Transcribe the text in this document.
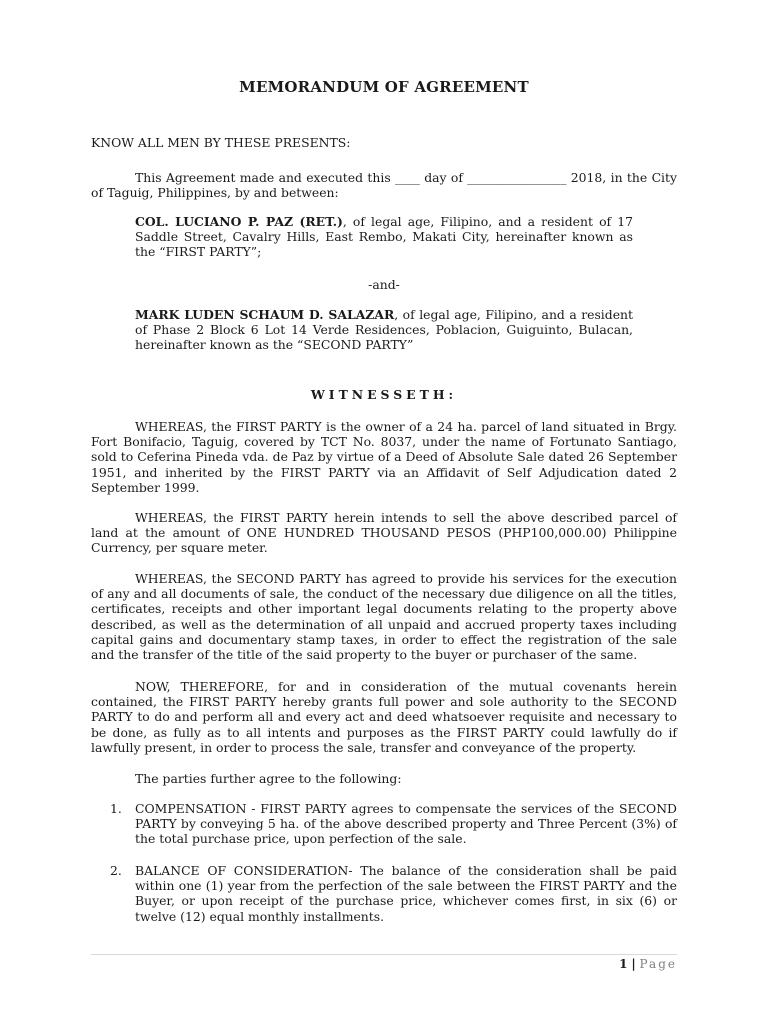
MEMORANDUM OF AGREEMENT
KNOW ALL MEN BY THESE PRESENTS:
This Agreement made and executed this ____ day of ________________ 2018, in the City of Taguig, Philippines, by and between:
COL. LUCIANO P. PAZ (RET.), of legal age, Filipino, and a resident of 17 Saddle Street, Cavalry Hills, East Rembo, Makati City, hereinafter known as the “FIRST PARTY”;
-and-
MARK LUDEN SCHAUM D. SALAZAR, of legal age, Filipino, and a resident of Phase 2 Block 6 Lot 14 Verde Residences, Poblacion, Guiguinto, Bulacan, hereinafter known as the “SECOND PARTY”
WITNESSETH:
WHEREAS, the FIRST PARTY is the owner of a 24 ha. parcel of land situated in Brgy. Fort Bonifacio, Taguig, covered by TCT No. 8037, under the name of Fortunato Santiago, sold to Ceferina Pineda vda. de Paz by virtue of a Deed of Absolute Sale dated 26 September 1951, and inherited by the FIRST PARTY via an Affidavit of Self Adjudication dated 2 September 1999.
WHEREAS, the FIRST PARTY herein intends to sell the above described parcel of land at the amount of ONE HUNDRED THOUSAND PESOS (PHP100,000.00) Philippine Currency, per square meter.
WHEREAS, the SECOND PARTY has agreed to provide his services for the execution of any and all documents of sale, the conduct of the necessary due diligence on all the titles, certificates, receipts and other important legal documents relating to the property above described, as well as the determination of all unpaid and accrued property taxes including capital gains and documentary stamp taxes, in order to effect the registration of the sale and the transfer of the title of the said property to the buyer or purchaser of the same.
NOW, THEREFORE, for and in consideration of the mutual covenants herein contained, the FIRST PARTY hereby grants full power and sole authority to the SECOND PARTY to do and perform all and every act and deed whatsoever requisite and necessary to be done, as fully as to all intents and purposes as the FIRST PARTY could lawfully do if lawfully present, in order to process the sale, transfer and conveyance of the property.
The parties further agree to the following:
1. COMPENSATION - FIRST PARTY agrees to compensate the services of the SECOND PARTY by conveying 5 ha. of the above described property and Three Percent (3%) of the total purchase price, upon perfection of the sale.
2. BALANCE OF CONSIDERATION- The balance of the consideration shall be paid within one (1) year from the perfection of the sale between the FIRST PARTY and the Buyer, or upon receipt of the purchase price, whichever comes first, in six (6) or twelve (12) equal monthly installments.
1 | Page
